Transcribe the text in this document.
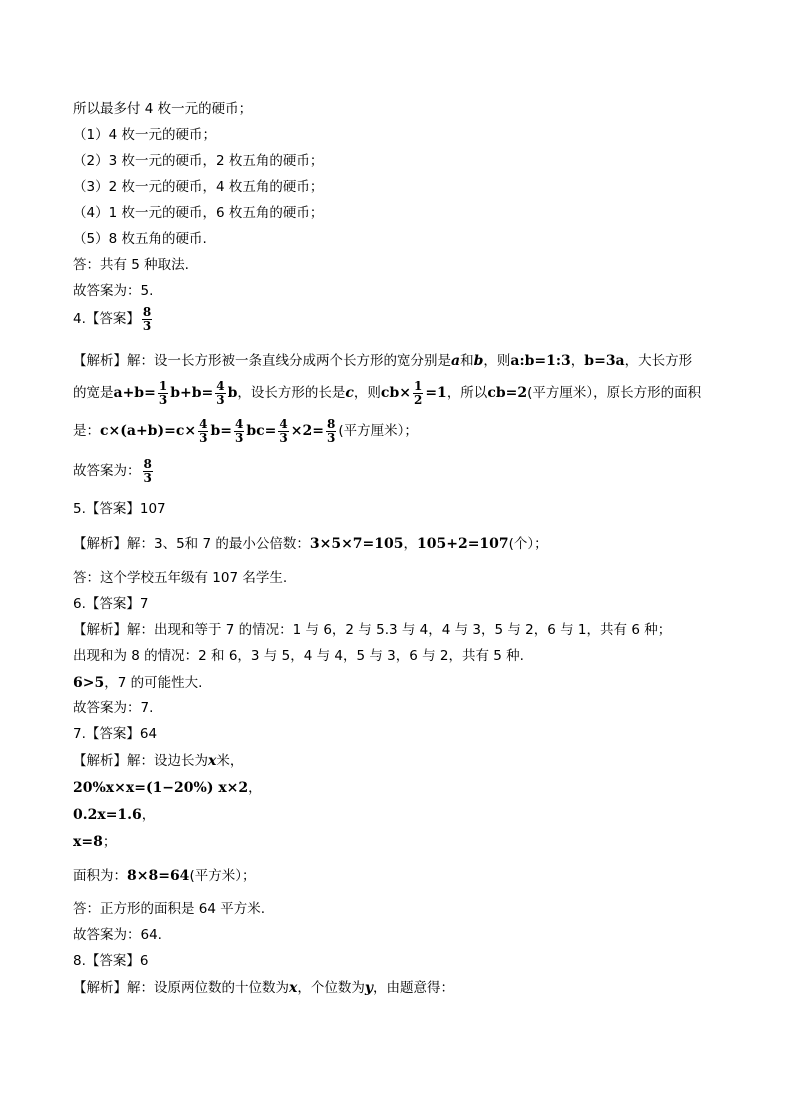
所以最多付 4 枚一元的硬币；
（1）4 枚一元的硬币；
（2）3 枚一元的硬币，2 枚五角的硬币；
（3）2 枚一元的硬币，4 枚五角的硬币；
（4）1 枚一元的硬币，6 枚五角的硬币；
（5）8 枚五角的硬币.
答：共有 5 种取法.
故答案为：5.
4.【答案】 $\frac{8}{3}$
【解析】解：设一长方形被一条直线分成两个长方形的宽分别是a和b，则a:b=1:3，b=3a，大长方形
的宽是$a+b= \frac{1}{3} b+b= \frac{4}{3}$ b，设长方形的长是c，则$cb\times \frac{1}{2} =1$，所以cb=2(平方厘米），原长方形的面积
是：$c\times(a+b)=c\times \frac{4}{3} b= \frac{4}{3} bc= \frac{4}{3} \times 2= \frac{8}{3}$ (平方厘米）；
故答案为： $\frac{8}{3}$
5.【答案】107
【解析】解：3、5和 7 的最小公倍数：3×5×7=105，105+2=107(个）；
答：这个学校五年级有 107 名学生.
6.【答案】7
【解析】解：出现和等于 7 的情况：1 与 6，2 与 5.3 与 4，4 与 3，5 与 2，6 与 1，共有 6 种；
出现和为 8 的情况：2 和 6，3 与 5，4 与 4，5 与 3，6 与 2，共有 5 种.
6>5，7 的可能性大.
故答案为：7.
7.【答案】64
【解析】解：设边长为x米，
20%x×x=(1−20%) x×2，
0.2x=1.6，
x=8；
面积为：8×8=64(平方米）；
答：正方形的面积是 64 平方米.
故答案为：64.
8.【答案】6
【解析】解：设原两位数的十位数为x，个位数为y，由题意得：
